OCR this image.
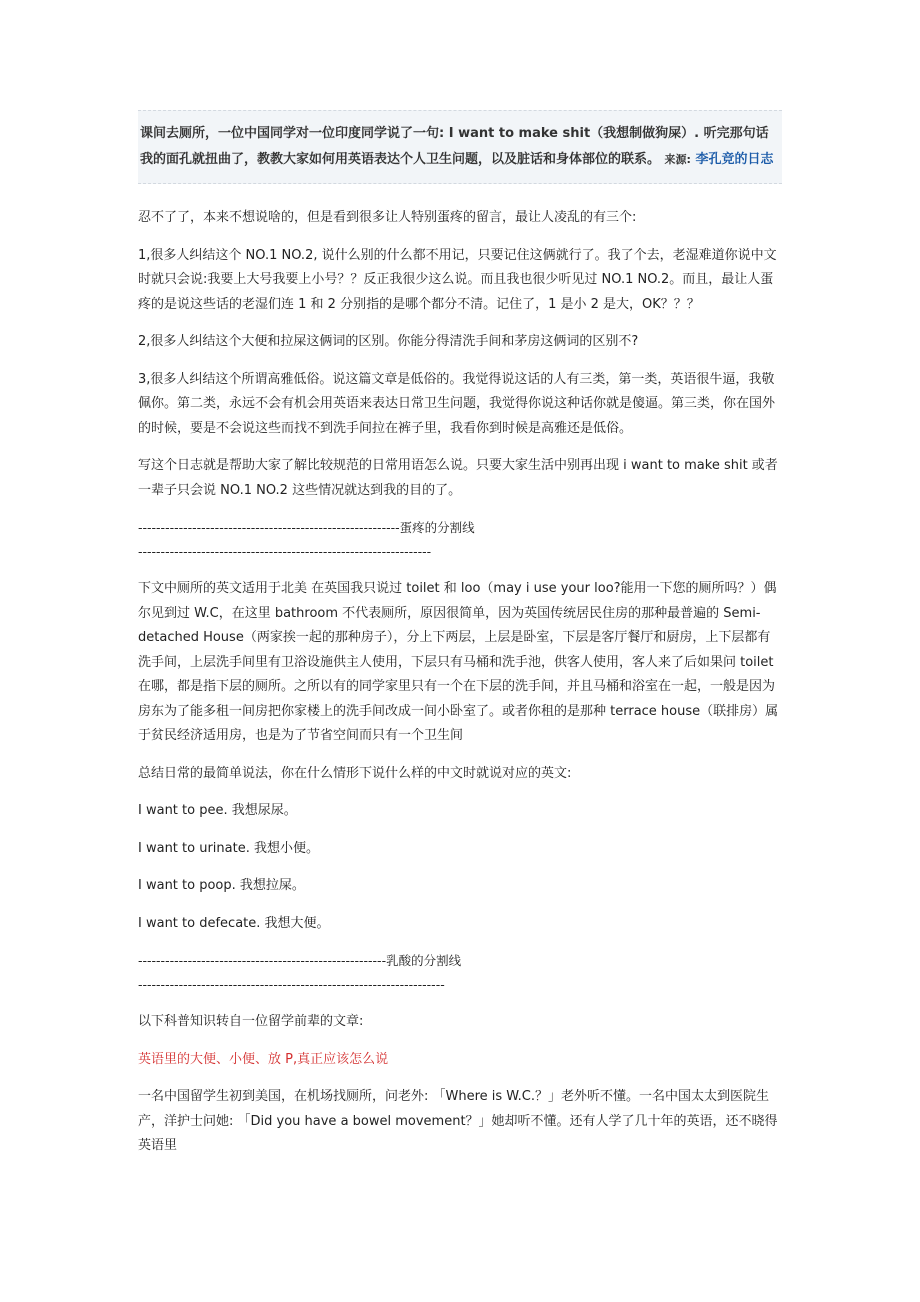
课间去厕所，一位中国同学对一位印度同学说了一句: I want to make shit（我想制做狗屎）. 听完那句话我的面孔就扭曲了，教教大家如何用英语表达个人卫生问题，以及脏话和身体部位的联系。 来源: 李孔竞的日志

忍不了了，本来不想说啥的，但是看到很多让人特别蛋疼的留言，最让人凌乱的有三个:

1,很多人纠结这个 NO.1 NO.2, 说什么别的什么都不用记，只要记住这俩就行了。我了个去，老湿难道你说中文时就只会说:我要上大号我要上小号？？反正我很少这么说。而且我也很少听见过 NO.1 NO.2。而且，最让人蛋疼的是说这些话的老湿们连 1 和 2 分别指的是哪个都分不清。记住了，1 是小 2 是大，OK？？？

2,很多人纠结这个大便和拉屎这俩词的区别。你能分得清洗手间和茅房这俩词的区别不?

3,很多人纠结这个所谓高雅低俗。说这篇文章是低俗的。我觉得说这话的人有三类，第一类，英语很牛逼，我敬佩你。第二类，永远不会有机会用英语来表达日常卫生问题，我觉得你说这种话你就是傻逼。第三类，你在国外的时候，要是不会说这些而找不到洗手间拉在裤子里，我看你到时候是高雅还是低俗。

写这个日志就是帮助大家了解比较规范的日常用语怎么说。只要大家生活中别再出现 i want to make shit 或者一辈子只会说 NO.1 NO.2 这些情况就达到我的目的了。

----------------------------------------------------------蛋疼的分割线
-----------------------------------------------------------------

下文中厕所的英文适用于北美 在英国我只说过 toilet 和 loo（may i use your loo?能用一下您的厕所吗？）偶尔见到过 W.C，在这里 bathroom 不代表厕所，原因很简单，因为英国传统居民住房的那种最普遍的 Semi-detached House（两家挨一起的那种房子），分上下两层，上层是卧室，下层是客厅餐厅和厨房，上下层都有洗手间，上层洗手间里有卫浴设施供主人使用，下层只有马桶和洗手池，供客人使用，客人来了后如果问 toilet 在哪，都是指下层的厕所。之所以有的同学家里只有一个在下层的洗手间，并且马桶和浴室在一起，一般是因为房东为了能多租一间房把你家楼上的洗手间改成一间小卧室了。或者你租的是那种 terrace house（联排房）属于贫民经济适用房，也是为了节省空间而只有一个卫生间

总结日常的最简单说法，你在什么情形下说什么样的中文时就说对应的英文:

I want to pee. 我想尿尿。

I want to urinate. 我想小便。

I want to poop. 我想拉屎。

I want to defecate. 我想大便。

-------------------------------------------------------乳酸的分割线
--------------------------------------------------------------------

以下科普知识转自一位留学前辈的文章:

英语里的大便、小便、放 P,真正应该怎么说

一名中国留学生初到美国，在机场找厕所，问老外: 「Where is W.C.？」老外听不懂。一名中国太太到医院生产，洋护士问她: 「Did you have a bowel movement？」她却听不懂。还有人学了几十年的英语，还不晓得英语里
